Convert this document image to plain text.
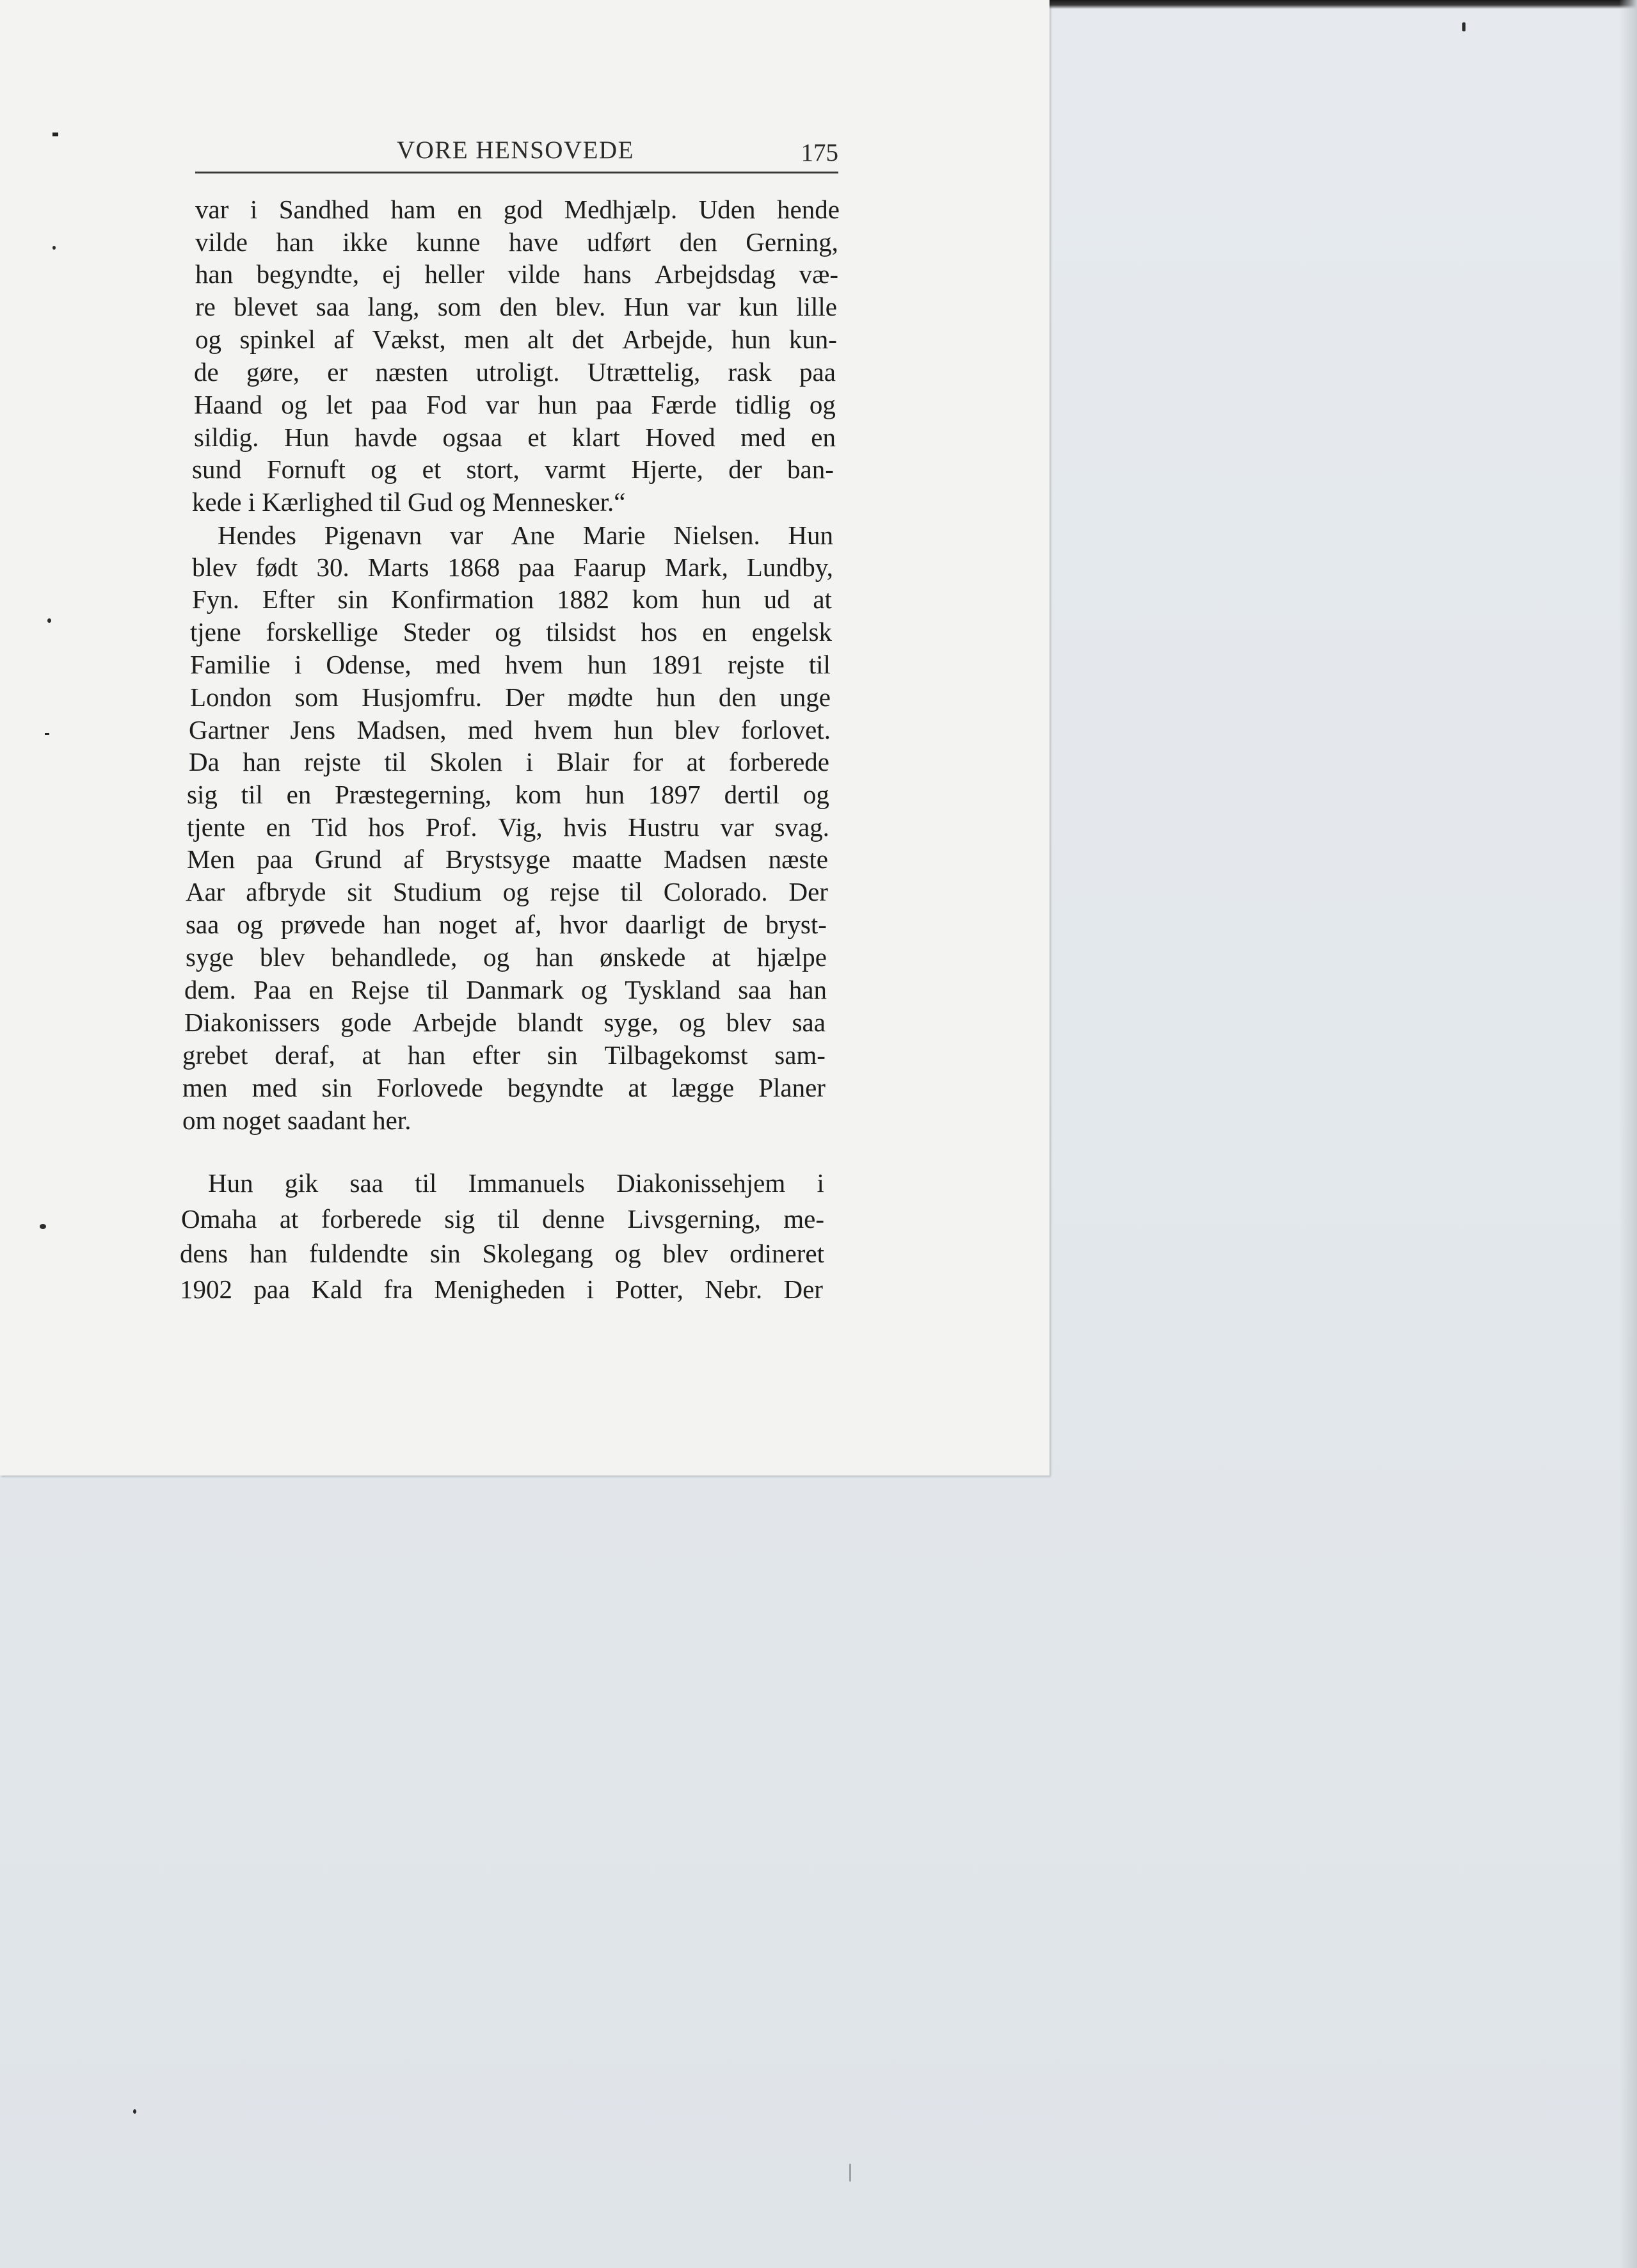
VORE HENSOVEDE	175
var i Sandhed ham en god Medhjælp. Uden hende
vilde han ikke kunne have udført den Gerning,
han begyndte, ej heller vilde hans Arbejdsdag væ-
re blevet saa lang, som den blev. Hun var kun lille
og spinkel af Vækst, men alt det Arbejde, hun kun-
de gøre, er næsten utroligt. Utrættelig, rask paa
Haand og let paa Fod var hun paa Færde tidlig og
sildig. Hun havde ogsaa et klart Hoved med en
sund Fornuft og et stort, varmt Hjerte, der ban-
kede i Kærlighed til Gud og Mennesker.“
Hendes Pigenavn var Ane Marie Nielsen. Hun
blev født 30. Marts 1868 paa Faarup Mark, Lundby,
Fyn. Efter sin Konfirmation 1882 kom hun ud at
tjene forskellige Steder og tilsidst hos en engelsk
Familie i Odense, med hvem hun 1891 rejste til
London som Husjomfru. Der mødte hun den unge
Gartner Jens Madsen, med hvem hun blev forlovet.
Da han rejste til Skolen i Blair for at forberede
sig til en Præstegerning, kom hun 1897 dertil og
tjente en Tid hos Prof. Vig, hvis Hustru var svag.
Men paa Grund af Brystsyge maatte Madsen næste
Aar afbryde sit Studium og rejse til Colorado. Der
saa og prøvede han noget af, hvor daarligt de bryst-
syge blev behandlede, og han ønskede at hjælpe
dem. Paa en Rejse til Danmark og Tyskland saa han
Diakonissers gode Arbejde blandt syge, og blev saa
grebet deraf, at han efter sin Tilbagekomst sam-
men med sin Forlovede begyndte at lægge Planer
om noget saadant her.
Hun gik saa til Immanuels Diakonissehjem i
Omaha at forberede sig til denne Livsgerning, me-
dens han fuldendte sin Skolegang og blev ordineret
1902 paa Kald fra Menigheden i Potter, Nebr. Der
